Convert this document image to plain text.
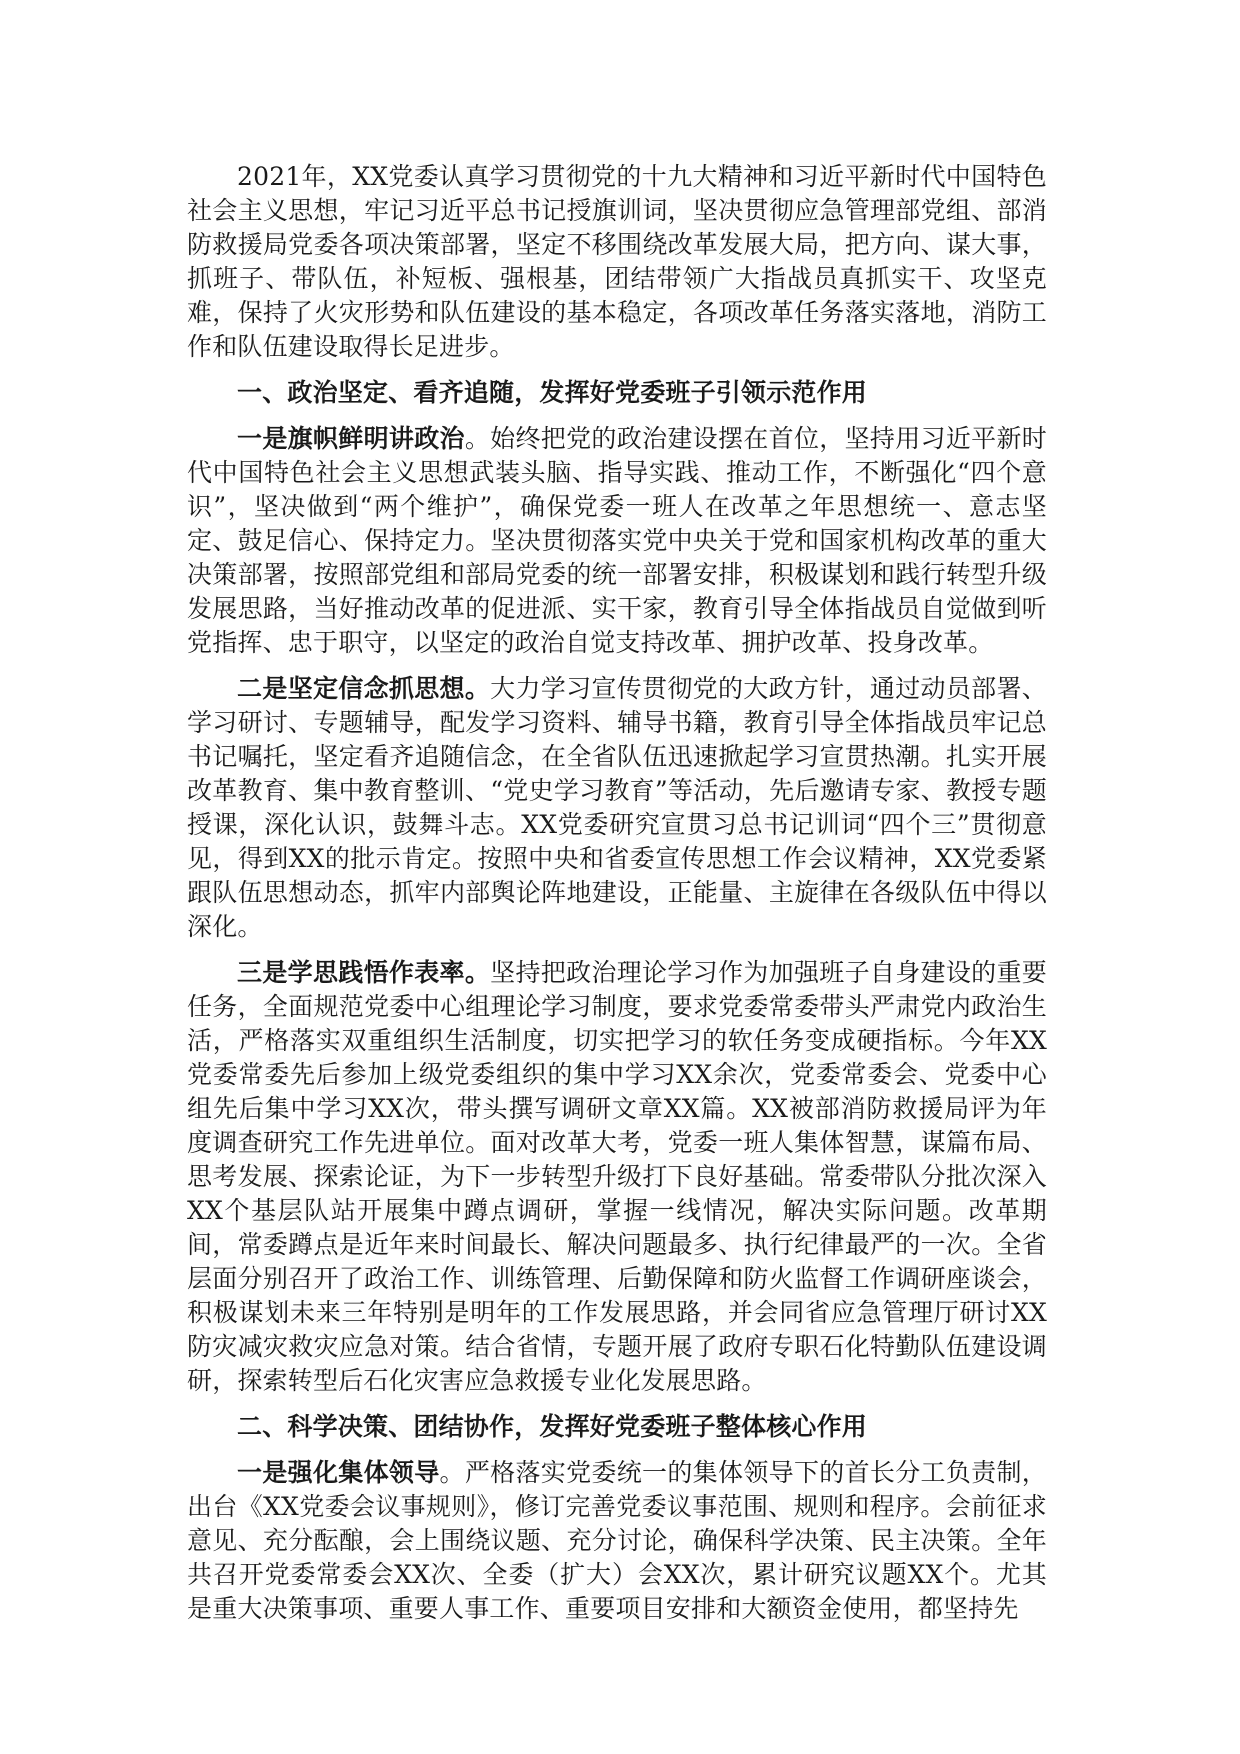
2021年，XX党委认真学习贯彻党的十九大精神和习近平新时代中国特色社会主义思想，牢记习近平总书记授旗训词，坚决贯彻应急管理部党组、部消防救援局党委各项决策部署，坚定不移围绕改革发展大局，把方向、谋大事，抓班子、带队伍，补短板、强根基，团结带领广大指战员真抓实干、攻坚克难，保持了火灾形势和队伍建设的基本稳定，各项改革任务落实落地，消防工作和队伍建设取得长足进步。

一、政治坚定、看齐追随，发挥好党委班子引领示范作用

一是旗帜鲜明讲政治。始终把党的政治建设摆在首位，坚持用习近平新时代中国特色社会主义思想武装头脑、指导实践、推动工作，不断强化“四个意识”，坚决做到“两个维护”，确保党委一班人在改革之年思想统一、意志坚定、鼓足信心、保持定力。坚决贯彻落实党中央关于党和国家机构改革的重大决策部署，按照部党组和部局党委的统一部署安排，积极谋划和践行转型升级发展思路，当好推动改革的促进派、实干家，教育引导全体指战员自觉做到听党指挥、忠于职守，以坚定的政治自觉支持改革、拥护改革、投身改革。

二是坚定信念抓思想。大力学习宣传贯彻党的大政方针，通过动员部署、学习研讨、专题辅导，配发学习资料、辅导书籍，教育引导全体指战员牢记总书记嘱托，坚定看齐追随信念，在全省队伍迅速掀起学习宣贯热潮。扎实开展改革教育、集中教育整训、“党史学习教育”等活动，先后邀请专家、教授专题授课，深化认识，鼓舞斗志。XX党委研究宣贯习总书记训词“四个三”贯彻意见，得到XX的批示肯定。按照中央和省委宣传思想工作会议精神，XX党委紧跟队伍思想动态，抓牢内部舆论阵地建设，正能量、主旋律在各级队伍中得以深化。

三是学思践悟作表率。坚持把政治理论学习作为加强班子自身建设的重要任务，全面规范党委中心组理论学习制度，要求党委常委带头严肃党内政治生活，严格落实双重组织生活制度，切实把学习的软任务变成硬指标。今年XX党委常委先后参加上级党委组织的集中学习XX余次，党委常委会、党委中心组先后集中学习XX次，带头撰写调研文章XX篇。XX被部消防救援局评为年度调查研究工作先进单位。面对改革大考，党委一班人集体智慧，谋篇布局、思考发展、探索论证，为下一步转型升级打下良好基础。常委带队分批次深入XX个基层队站开展集中蹲点调研，掌握一线情况，解决实际问题。改革期间，常委蹲点是近年来时间最长、解决问题最多、执行纪律最严的一次。全省层面分别召开了政治工作、训练管理、后勤保障和防火监督工作调研座谈会，积极谋划未来三年特别是明年的工作发展思路，并会同省应急管理厅研讨XX防灾减灾救灾应急对策。结合省情，专题开展了政府专职石化特勤队伍建设调研，探索转型后石化灾害应急救援专业化发展思路。

二、科学决策、团结协作，发挥好党委班子整体核心作用

一是强化集体领导。严格落实党委统一的集体领导下的首长分工负责制，出台《XX党委会议事规则》，修订完善党委议事范围、规则和程序。会前征求意见、充分酝酿，会上围绕议题、充分讨论，确保科学决策、民主决策。全年共召开党委常委会XX次、全委（扩大）会XX次，累计研究议题XX个。尤其是重大决策事项、重要人事工作、重要项目安排和大额资金使用，都坚持先
